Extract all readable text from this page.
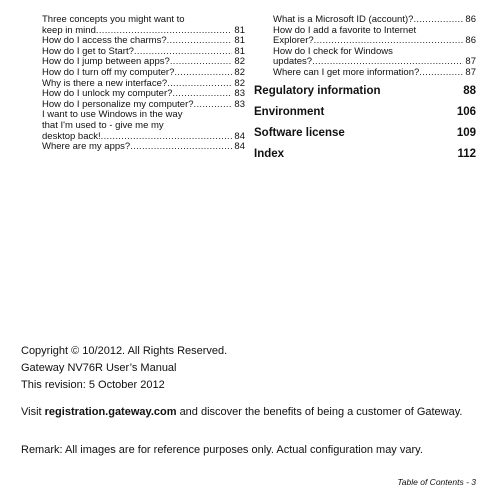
Three concepts you might want to
keep in mind .....	81
How do I access the charms? .....	81
How do I get to Start? .....	81
How do I jump between apps? .....	82
How do I turn off my computer? .....	82
Why is there a new interface? .....	82
How do I unlock my computer? .....	83
How do I personalize my computer? .....	83
I want to use Windows in the way
that I'm used to - give me my
desktop back! .....	84
Where are my apps? .....	84
What is a Microsoft ID (account)? .....	86
How do I add a favorite to Internet
Explorer? .....	86
How do I check for Windows
updates? .....	87
Where can I get more information? .....	87
Regulatory information	88
Environment	106
Software license	109
Index	112
Copyright © 10/2012. All Rights Reserved.
Gateway NV76R User’s Manual
This revision: 5 October 2012
Visit registration.gateway.com and discover the benefits of being a customer of Gateway.
Remark: All images are for reference purposes only. Actual configuration may vary.
Table of Contents - 3
